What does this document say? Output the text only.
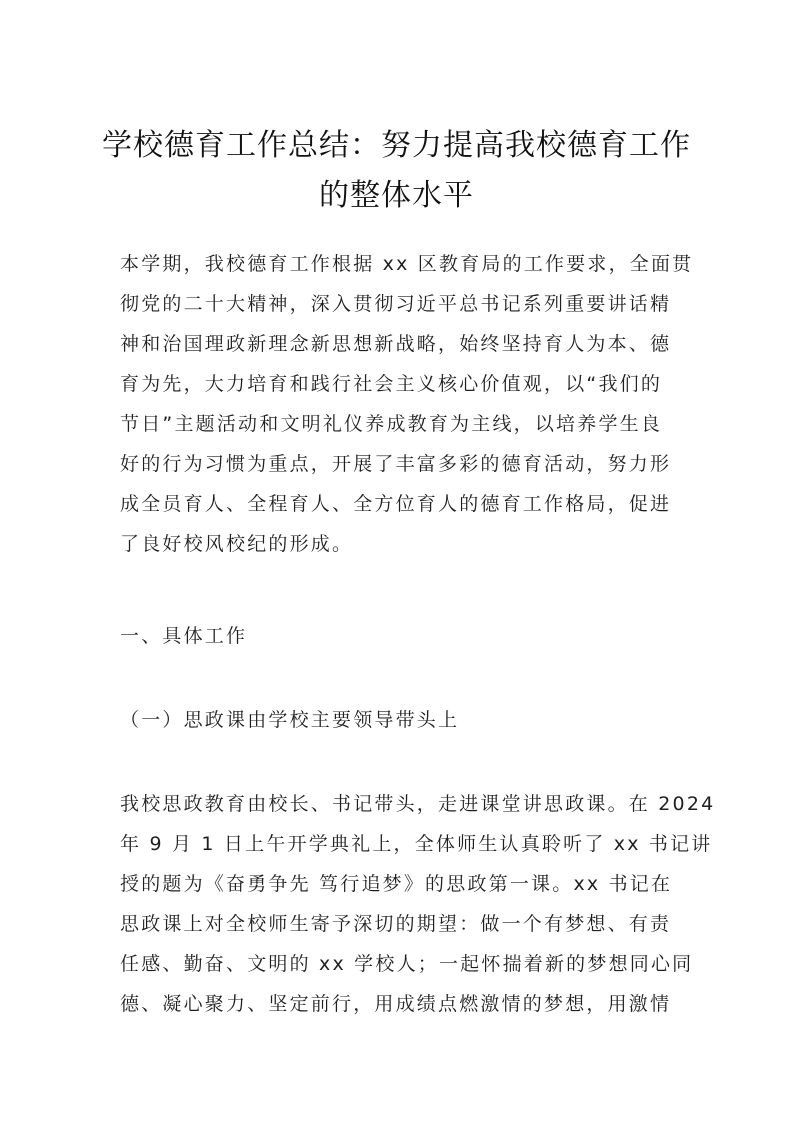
学校德育工作总结：努力提高我校德育工作
的整体水平
本学期，我校德育工作根据 xx 区教育局的工作要求，全面贯
彻党的二十大精神，深入贯彻习近平总书记系列重要讲话精
神和治国理政新理念新思想新战略，始终坚持育人为本、德
育为先，大力培育和践行社会主义核心价值观，以“我们的
节日”主题活动和文明礼仪养成教育为主线，以培养学生良
好的行为习惯为重点，开展了丰富多彩的德育活动，努力形
成全员育人、全程育人、全方位育人的德育工作格局，促进
了良好校风校纪的形成。
一、具体工作
（一）思政课由学校主要领导带头上
我校思政教育由校长、书记带头，走进课堂讲思政课。在 2024
年 9 月 1 日上午开学典礼上，全体师生认真聆听了 xx 书记讲
授的题为《奋勇争先 笃行追梦》的思政第一课。xx 书记在
思政课上对全校师生寄予深切的期望：做一个有梦想、有责
任感、勤奋、文明的 xx 学校人；一起怀揣着新的梦想同心同
德、凝心聚力、坚定前行，用成绩点燃激情的梦想，用激情
